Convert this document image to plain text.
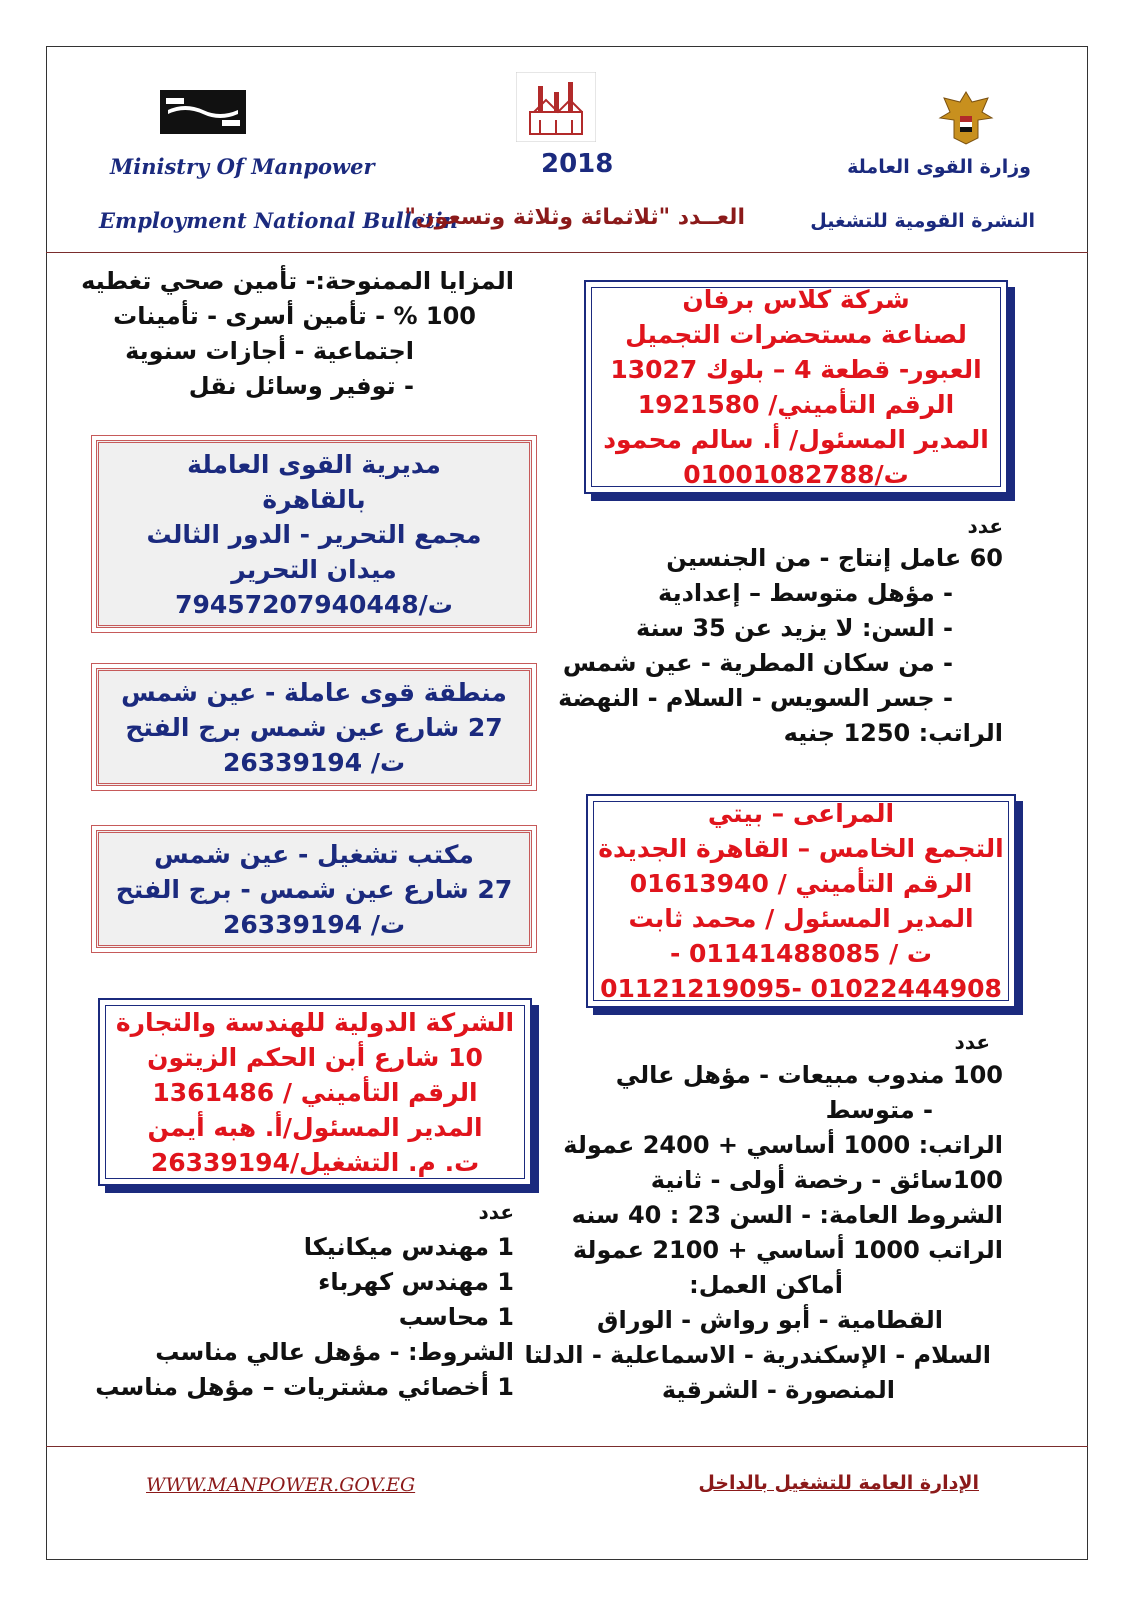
Ministry Of Manpower	2018	وزارة القوى العاملة
Employment National Bulletin
العــدد "ثلاثمائة وثلاثة وتسعون"	النشرة القومية للتشغيل
المزايا الممنوحة:- تأمين صحي تغطيه
100 % - تأمين أسرى - تأمينات
اجتماعية - أجازات سنوية
- توفير وسائل نقل
شركة كلاس برفان
لصناعة مستحضرات التجميل
العبور- قطعة 4 – بلوك 13027
الرقم التأميني/ 1921580
المدير المسئول/ أ. سالم محمود
ت/01001082788
عدد
60 عامل إنتاج - من الجنسين
- مؤهل متوسط – إعدادية
- السن: لا يزيد عن 35 سنة
- من سكان المطرية - عين شمس
- جسر السويس - السلام - النهضة
الراتب: 1250 جنيه
مديرية القوى العاملة
بالقاهرة
مجمع التحرير - الدور الثالث
ميدان التحرير
ت/79457207940448
منطقة قوى عاملة - عين شمس
27 شارع عين شمس برج الفتح
ت/ 26339194
مكتب تشغيل - عين شمس
27 شارع عين شمس - برج الفتح
ت/ 26339194
المراعى – بيتي
التجمع الخامس – القاهرة الجديدة
الرقم التأميني / 01613940
المدير المسئول / محمد ثابت
ت / 01141488085 -
01022444908 -01121219095
عدد
100 مندوب مبيعات - مؤهل عالي
- متوسط
الراتب: 1000 أساسي + 2400 عمولة
100سائق - رخصة أولى - ثانية
الشروط العامة: - السن 23 : 40 سنه
الراتب 1000 أساسي + 2100 عمولة
أماكن العمل:
القطامية - أبو رواش - الوراق
السلام - الإسكندرية - الاسماعلية - الدلتا
المنصورة - الشرقية
الشركة الدولية للهندسة والتجارة
10 شارع أبن الحكم الزيتون
الرقم التأميني / 1361486
المدير المسئول/أ. هبه أيمن
ت. م. التشغيل/26339194
عدد
1 مهندس ميكانيكا
1 مهندس كهرباء
1 محاسب
الشروط: - مؤهل عالي مناسب
1 أخصائي مشتريات – مؤهل مناسب
WWW.MANPOWER.GOV.EG	الإدارة العامة للتشغيل بالداخل
